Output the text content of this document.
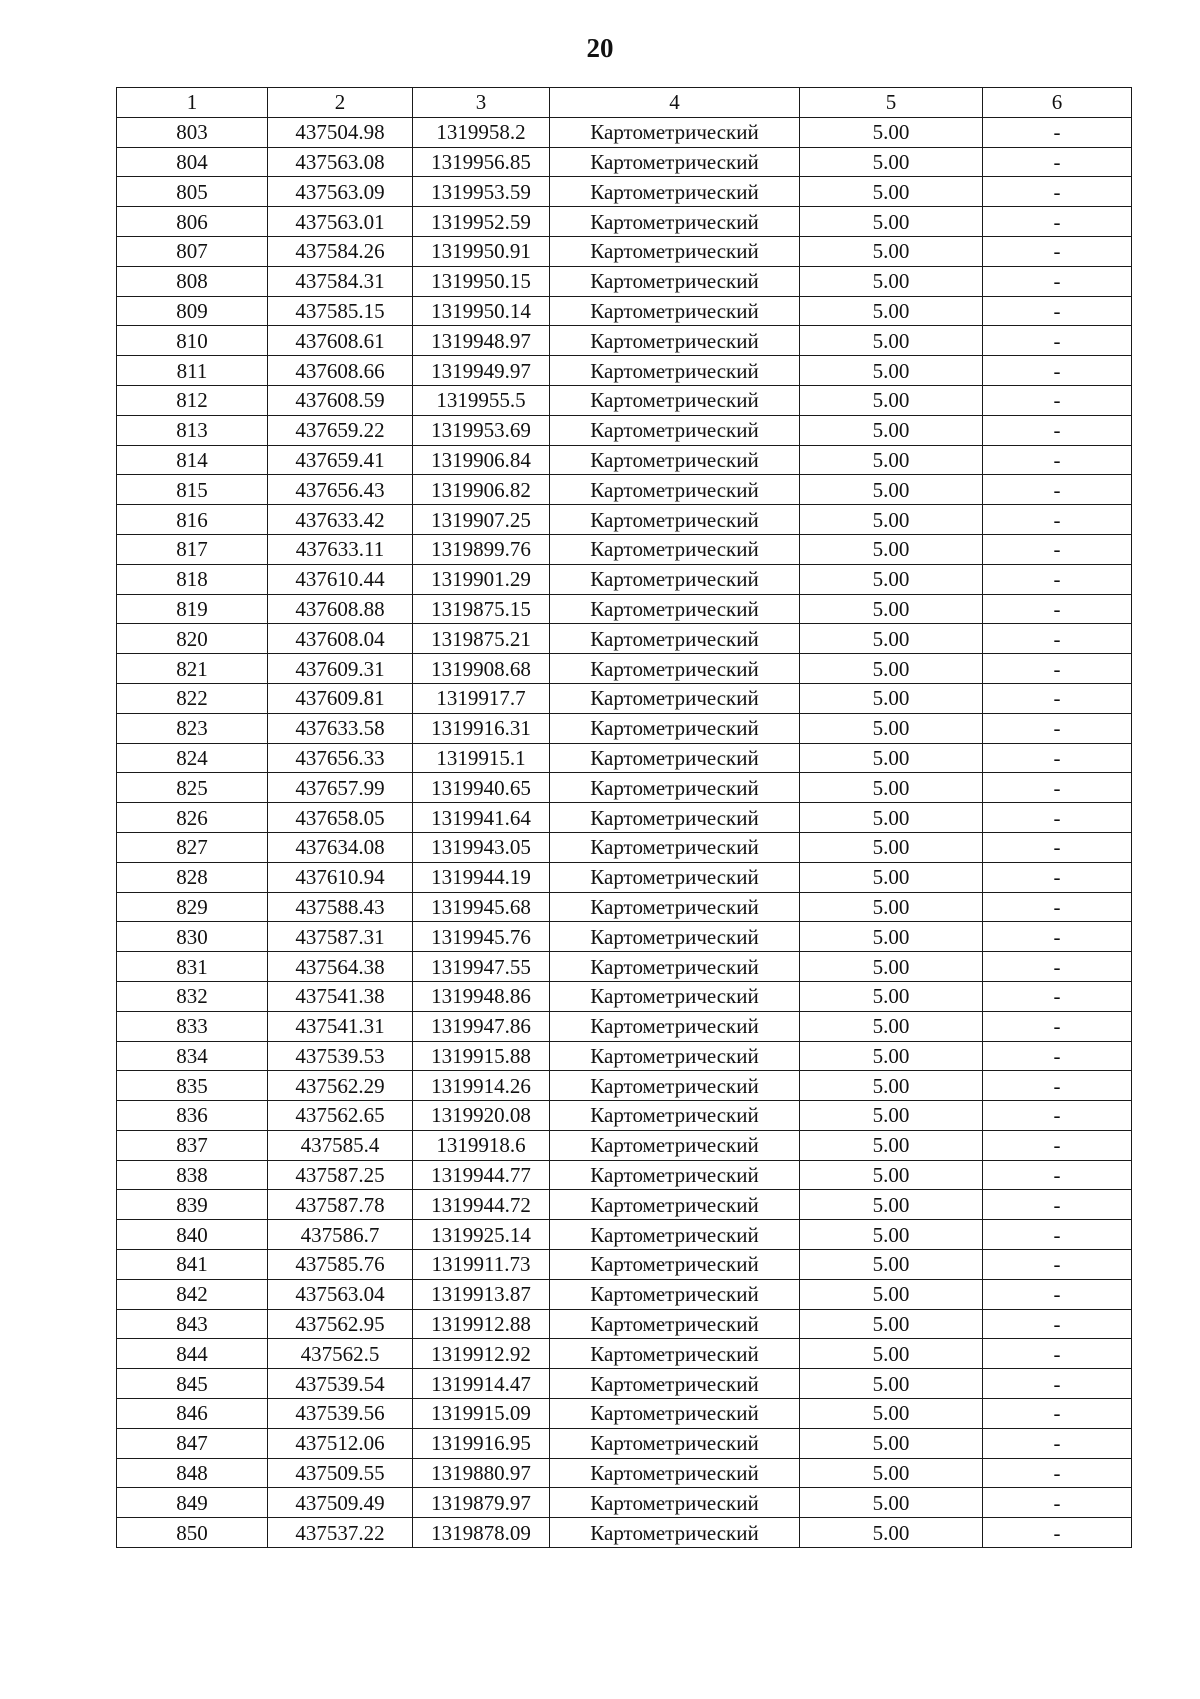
20
1	2	3	4	5	6
803	437504.98	1319958.2	Картометрический	5.00	-
804	437563.08	1319956.85	Картометрический	5.00	-
805	437563.09	1319953.59	Картометрический	5.00	-
806	437563.01	1319952.59	Картометрический	5.00	-
807	437584.26	1319950.91	Картометрический	5.00	-
808	437584.31	1319950.15	Картометрический	5.00	-
809	437585.15	1319950.14	Картометрический	5.00	-
810	437608.61	1319948.97	Картометрический	5.00	-
811	437608.66	1319949.97	Картометрический	5.00	-
812	437608.59	1319955.5	Картометрический	5.00	-
813	437659.22	1319953.69	Картометрический	5.00	-
814	437659.41	1319906.84	Картометрический	5.00	-
815	437656.43	1319906.82	Картометрический	5.00	-
816	437633.42	1319907.25	Картометрический	5.00	-
817	437633.11	1319899.76	Картометрический	5.00	-
818	437610.44	1319901.29	Картометрический	5.00	-
819	437608.88	1319875.15	Картометрический	5.00	-
820	437608.04	1319875.21	Картометрический	5.00	-
821	437609.31	1319908.68	Картометрический	5.00	-
822	437609.81	1319917.7	Картометрический	5.00	-
823	437633.58	1319916.31	Картометрический	5.00	-
824	437656.33	1319915.1	Картометрический	5.00	-
825	437657.99	1319940.65	Картометрический	5.00	-
826	437658.05	1319941.64	Картометрический	5.00	-
827	437634.08	1319943.05	Картометрический	5.00	-
828	437610.94	1319944.19	Картометрический	5.00	-
829	437588.43	1319945.68	Картометрический	5.00	-
830	437587.31	1319945.76	Картометрический	5.00	-
831	437564.38	1319947.55	Картометрический	5.00	-
832	437541.38	1319948.86	Картометрический	5.00	-
833	437541.31	1319947.86	Картометрический	5.00	-
834	437539.53	1319915.88	Картометрический	5.00	-
835	437562.29	1319914.26	Картометрический	5.00	-
836	437562.65	1319920.08	Картометрический	5.00	-
837	437585.4	1319918.6	Картометрический	5.00	-
838	437587.25	1319944.77	Картометрический	5.00	-
839	437587.78	1319944.72	Картометрический	5.00	-
840	437586.7	1319925.14	Картометрический	5.00	-
841	437585.76	1319911.73	Картометрический	5.00	-
842	437563.04	1319913.87	Картометрический	5.00	-
843	437562.95	1319912.88	Картометрический	5.00	-
844	437562.5	1319912.92	Картометрический	5.00	-
845	437539.54	1319914.47	Картометрический	5.00	-
846	437539.56	1319915.09	Картометрический	5.00	-
847	437512.06	1319916.95	Картометрический	5.00	-
848	437509.55	1319880.97	Картометрический	5.00	-
849	437509.49	1319879.97	Картометрический	5.00	-
850	437537.22	1319878.09	Картометрический	5.00	-
